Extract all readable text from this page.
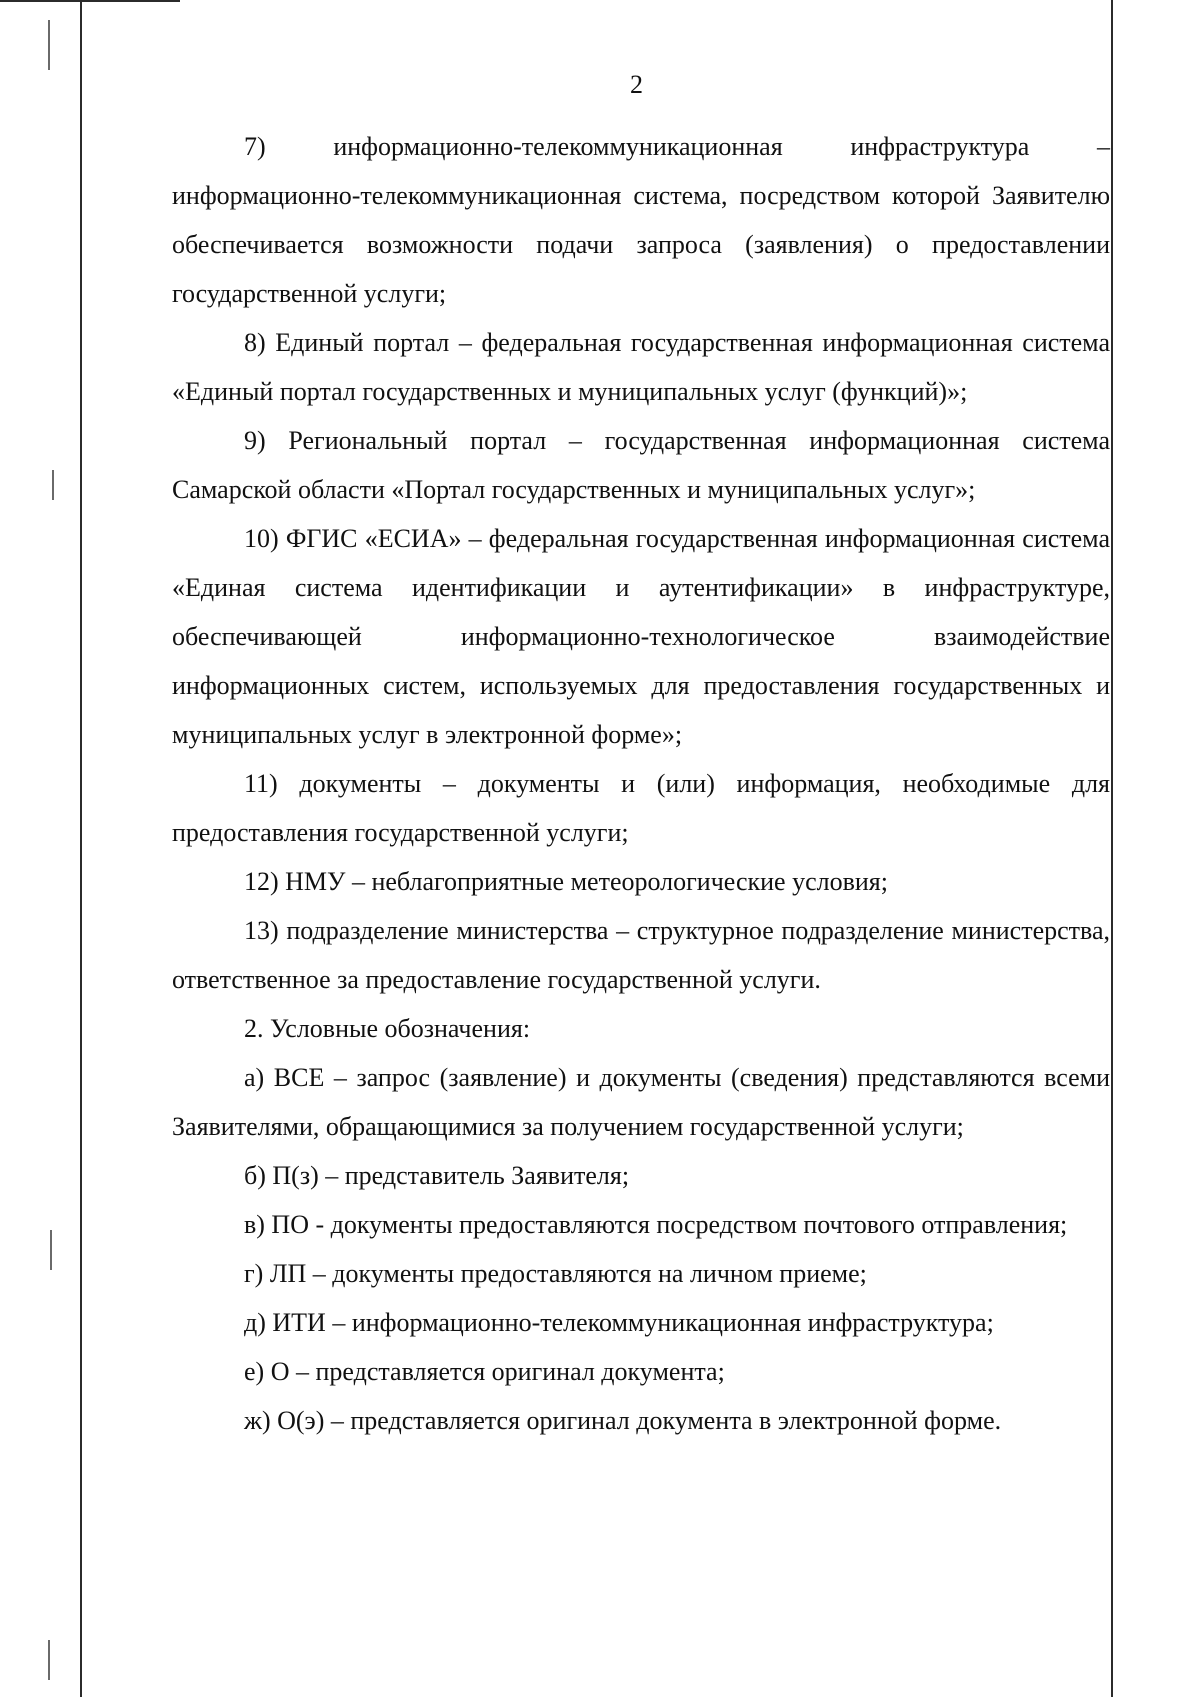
2

7) информационно-телекоммуникационная инфраструктура – информационно-телекоммуникационная система, посредством которой Заявителю обеспечивается возможности подачи запроса (заявления) о предоставлении государственной услуги;

8) Единый портал – федеральная государственная информационная система «Единый портал государственных и муниципальных услуг (функций)»;

9) Региональный портал – государственная информационная система Самарской области «Портал государственных и муниципальных услуг»;

10) ФГИС «ЕСИА» – федеральная государственная информационная система «Единая система идентификации и аутентификации» в инфраструктуре, обеспечивающей информационно-технологическое взаимодействие информационных систем, используемых для предоставления государственных и муниципальных услуг в электронной форме»;

11) документы – документы и (или) информация, необходимые для предоставления государственной услуги;

12) НМУ – неблагоприятные метеорологические условия;

13) подразделение министерства – структурное подразделение министерства, ответственное за предоставление государственной услуги.

2. Условные обозначения:

а) ВСЕ – запрос (заявление) и документы (сведения) представляются всеми Заявителями, обращающимися за получением государственной услуги;

б) П(з) – представитель Заявителя;

в) ПО - документы предоставляются посредством почтового отправления;

г) ЛП – документы предоставляются на личном приеме;

д) ИТИ – информационно-телекоммуникационная инфраструктура;

е) О – представляется оригинал документа;

ж) О(э) – представляется оригинал документа в электронной форме.
